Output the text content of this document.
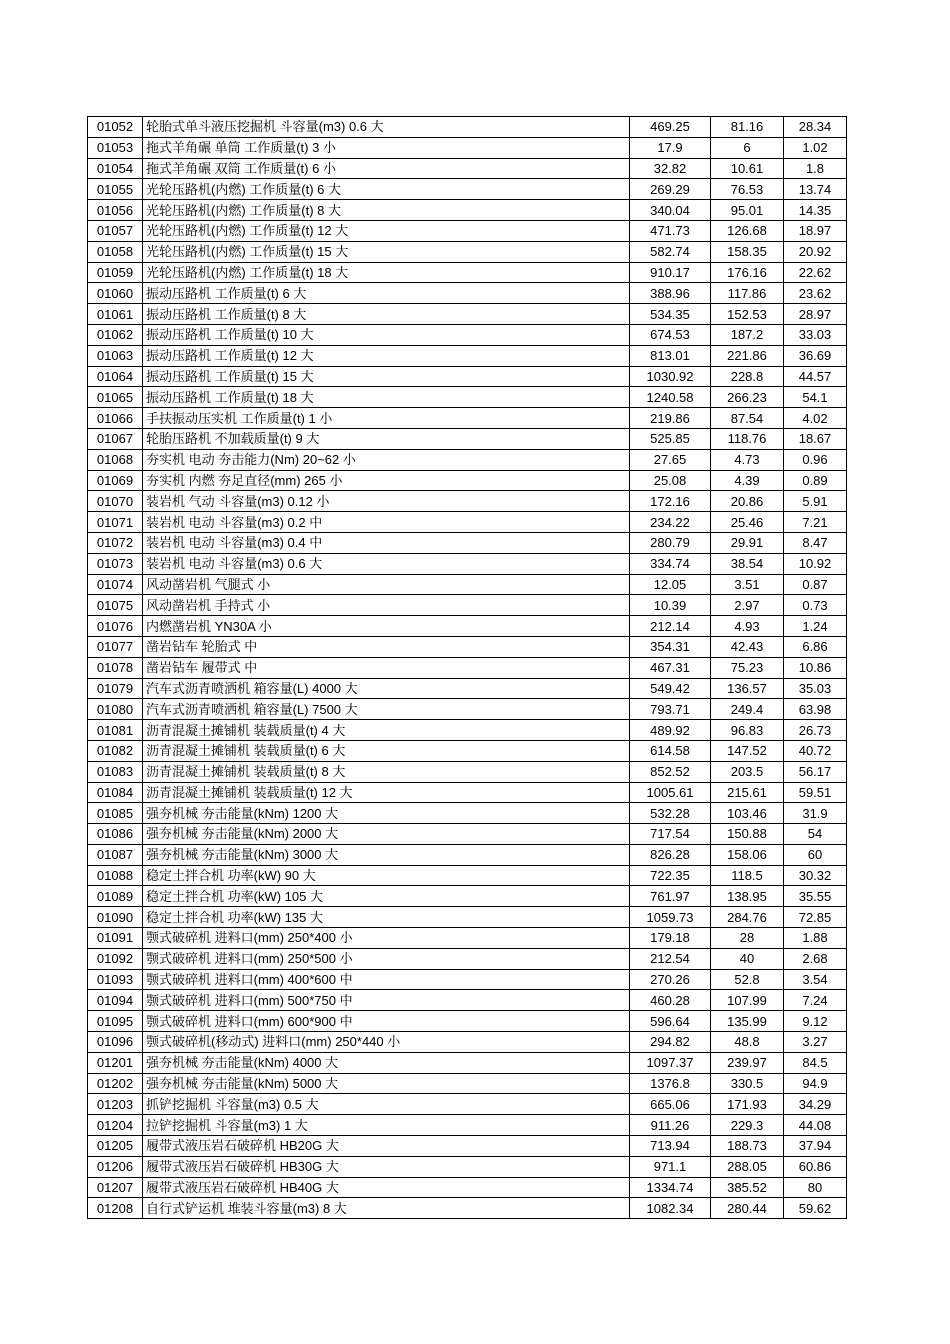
01052	轮胎式单斗液压挖掘机 斗容量(m3) 0.6 大	469.25	81.16	28.34
01053	拖式羊角碾 单筒 工作质量(t) 3 小	17.9	6	1.02
01054	拖式羊角碾 双筒 工作质量(t) 6 小	32.82	10.61	1.8
01055	光轮压路机(内燃) 工作质量(t) 6 大	269.29	76.53	13.74
01056	光轮压路机(内燃) 工作质量(t) 8 大	340.04	95.01	14.35
01057	光轮压路机(内燃) 工作质量(t) 12 大	471.73	126.68	18.97
01058	光轮压路机(内燃) 工作质量(t) 15 大	582.74	158.35	20.92
01059	光轮压路机(内燃) 工作质量(t) 18 大	910.17	176.16	22.62
01060	振动压路机 工作质量(t) 6 大	388.96	117.86	23.62
01061	振动压路机 工作质量(t) 8 大	534.35	152.53	28.97
01062	振动压路机 工作质量(t) 10 大	674.53	187.2	33.03
01063	振动压路机 工作质量(t) 12 大	813.01	221.86	36.69
01064	振动压路机 工作质量(t) 15 大	1030.92	228.8	44.57
01065	振动压路机 工作质量(t) 18 大	1240.58	266.23	54.1
01066	手扶振动压实机 工作质量(t) 1 小	219.86	87.54	4.02
01067	轮胎压路机 不加载质量(t) 9 大	525.85	118.76	18.67
01068	夯实机 电动 夯击能力(Nm) 20~62 小	27.65	4.73	0.96
01069	夯实机 内燃 夯足直径(mm) 265 小	25.08	4.39	0.89
01070	装岩机 气动 斗容量(m3) 0.12 小	172.16	20.86	5.91
01071	装岩机 电动 斗容量(m3) 0.2 中	234.22	25.46	7.21
01072	装岩机 电动 斗容量(m3) 0.4 中	280.79	29.91	8.47
01073	装岩机 电动 斗容量(m3) 0.6 大	334.74	38.54	10.92
01074	风动凿岩机 气腿式 小	12.05	3.51	0.87
01075	风动凿岩机 手持式 小	10.39	2.97	0.73
01076	内燃凿岩机 YN30A 小	212.14	4.93	1.24
01077	凿岩钻车 轮胎式 中	354.31	42.43	6.86
01078	凿岩钻车 履带式 中	467.31	75.23	10.86
01079	汽车式沥青喷洒机 箱容量(L) 4000 大	549.42	136.57	35.03
01080	汽车式沥青喷洒机 箱容量(L) 7500 大	793.71	249.4	63.98
01081	沥青混凝土摊铺机 装载质量(t) 4 大	489.92	96.83	26.73
01082	沥青混凝土摊铺机 装载质量(t) 6 大	614.58	147.52	40.72
01083	沥青混凝土摊铺机 装载质量(t) 8 大	852.52	203.5	56.17
01084	沥青混凝土摊铺机 装载质量(t) 12 大	1005.61	215.61	59.51
01085	强夯机械 夯击能量(kNm) 1200 大	532.28	103.46	31.9
01086	强夯机械 夯击能量(kNm) 2000 大	717.54	150.88	54
01087	强夯机械 夯击能量(kNm) 3000 大	826.28	158.06	60
01088	稳定土拌合机 功率(kW) 90 大	722.35	118.5	30.32
01089	稳定土拌合机 功率(kW) 105 大	761.97	138.95	35.55
01090	稳定土拌合机 功率(kW) 135 大	1059.73	284.76	72.85
01091	颚式破碎机 进料口(mm) 250*400 小	179.18	28	1.88
01092	颚式破碎机 进料口(mm) 250*500 小	212.54	40	2.68
01093	颚式破碎机 进料口(mm) 400*600 中	270.26	52.8	3.54
01094	颚式破碎机 进料口(mm) 500*750 中	460.28	107.99	7.24
01095	颚式破碎机 进料口(mm) 600*900 中	596.64	135.99	9.12
01096	颚式破碎机(移动式) 进料口(mm) 250*440 小	294.82	48.8	3.27
01201	强夯机械 夯击能量(kNm) 4000 大	1097.37	239.97	84.5
01202	强夯机械 夯击能量(kNm) 5000 大	1376.8	330.5	94.9
01203	抓铲挖掘机 斗容量(m3) 0.5 大	665.06	171.93	34.29
01204	拉铲挖掘机 斗容量(m3) 1 大	911.26	229.3	44.08
01205	履带式液压岩石破碎机 HB20G 大	713.94	188.73	37.94
01206	履带式液压岩石破碎机 HB30G 大	971.1	288.05	60.86
01207	履带式液压岩石破碎机 HB40G 大	1334.74	385.52	80
01208	自行式铲运机 堆装斗容量(m3) 8 大	1082.34	280.44	59.62
